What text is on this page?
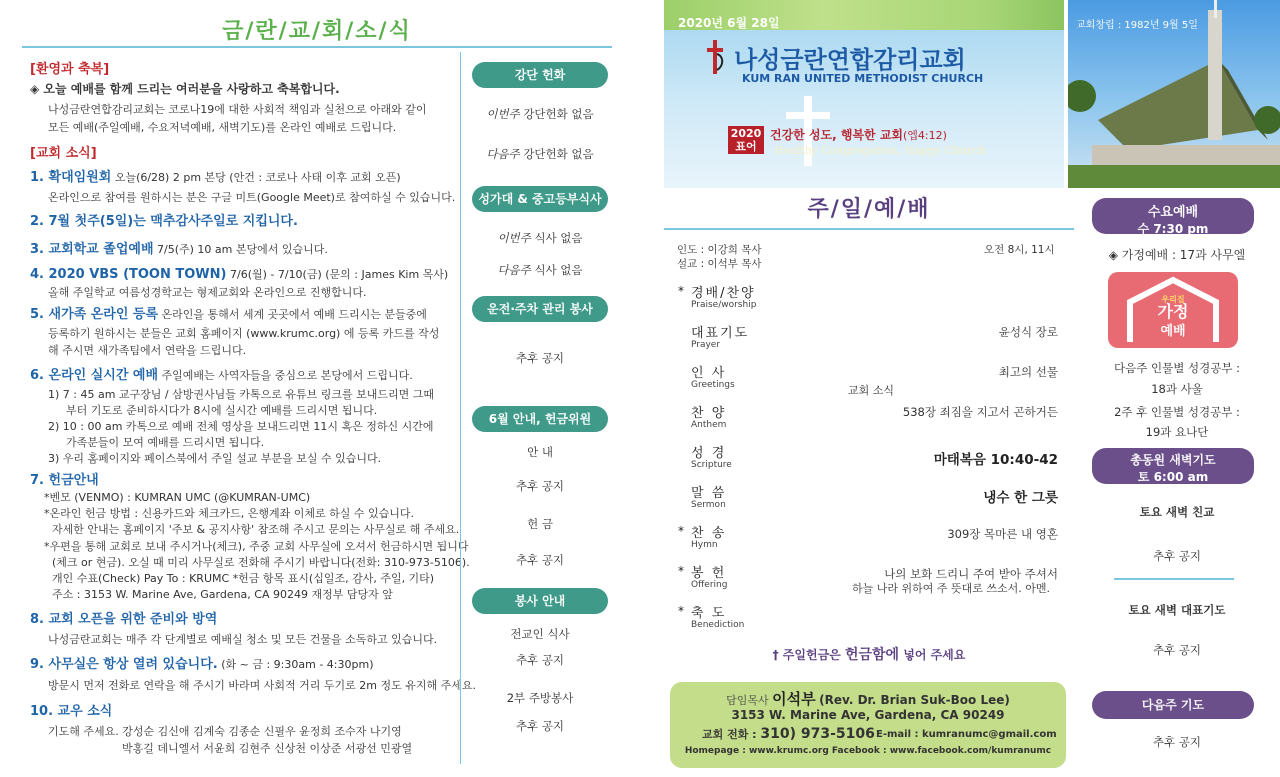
금/란/교/회/소/식
[환영과 축복]
◈ 오늘 예배를 함께 드리는 여러분을 사랑하고 축복합니다.
나성금란연합감리교회는 코로나19에 대한 사회적 책임과 실천으로 아래와 같이
모든 예배(주일예배, 수요저녁예배, 새벽기도)를 온라인 예배로 드립니다.
[교회 소식]
1. 확대임원회 오늘(6/28) 2 pm 본당 (안건 : 코로나 사태 이후 교회 오픈)
온라인으로 참여를 원하시는 분은 구글 미트(Google Meet)로 참여하실 수 있습니다.
2. 7월 첫주(5일)는 맥추감사주일로 지킵니다.
3. 교회학교 졸업예배 7/5(주) 10 am 본당에서 있습니다.
4. 2020 VBS (TOON TOWN) 7/6(월) - 7/10(금) (문의 : James Kim 목사)
올해 주일학교 여름성경학교는 형제교회와 온라인으로 진행합니다.
5. 새가족 온라인 등록 온라인을 통해서 세계 곳곳에서 예배 드리시는 분들중에
등록하기 원하시는 분들은 교회 홈페이지 (www.krumc.org) 에 등록 카드를 작성
해 주시면 새가족팀에서 연락을 드립니다.
6. 온라인 실시간 예배 주일예배는 사역자들을 중심으로 본당에서 드립니다.
1) 7 : 45 am 교구장님 / 삼방권사님들 카톡으로 유튜브 링크를 보내드리면 그때
부터 기도로 준비하시다가 8시에 실시간 예배를 드리시면 됩니다.
2) 10 : 00 am 카톡으로 예배 전체 영상을 보내드리면 11시 혹은 정하신 시간에
가족분들이 모여 예배를 드리시면 됩니다.
3) 우리 홈페이지와 페이스북에서 주일 설교 부분을 보실 수 있습니다.
7. 헌금안내
*벤모 (VENMO) : KUMRAN UMC (@KUMRAN-UMC)
*온라인 헌금 방법 : 신용카드와 체크카드, 은행계좌 이체로 하실 수 있습니다.
자세한 안내는 홈페이지 '주보 & 공지사항' 참조해 주시고 문의는 사무실로 해 주세요.
*우편을 통해 교회로 보내 주시거나(체크), 주중 교회 사무실에 오셔서 헌금하시면 됩니다
(체크 or 현금). 오실 때 미리 사무실로 전화해 주시기 바랍니다(전화: 310-973-5106).
개인 수표(Check) Pay To : KRUMC *헌금 항목 표시(십일조, 감사, 주일, 기타)
주소 : 3153 W. Marine Ave, Gardena, CA 90249 재정부 담당자 앞
8. 교회 오픈을 위한 준비와 방역
나성금란교회는 매주 각 단계별로 예배실 청소 및 모든 건물을 소독하고 있습니다.
9. 사무실은 항상 열려 있습니다. (화 ~ 금 : 9:30am - 4:30pm)
방문시 먼저 전화로 연락을 해 주시기 바라며 사회적 거리 두기로 2m 정도 유지해 주세요.
10. 교우 소식
기도해 주세요. 강성순 김신애 김계숙 김종순 신필우 윤정희 조수자 나기영
박홍길 데니엘서 서윤희 김현주 신상천 이상준 서광선 민광열
강단 헌화
이번주 강단헌화 없음
다음주 강단헌화 없음
성가대 & 중고등부식사
이번주 식사 없음
다음주 식사 없음
운전·주차 관리 봉사
추후 공지
6월 안내, 헌금위원
안 내
추후 공지
헌 금
추후 공지
봉사 안내
전교인 식사
추후 공지
2부 주방봉사
추후 공지
2020년 6월 28일
나성금란연합감리교회
KUM RAN UNITED METHODIST CHURCH
2020
표어
건강한 성도, 행복한 교회(엡4:12)
Healthy Congregation, Happy Church
교회창립 : 1982년 9월 5일
주/일/예/배
인도 : 이강희 목사
설교 : 이석부 목사
오전 8시, 11시
* 경배/찬양
Praise/worship
대표기도
Prayer
윤성식 장로
인 사
Greetings
최고의 선물
찬 양
Anthem
538장 죄짐을 지고서 곤하거든
성 경
Scripture	마태복음 10:40-42
말 씀
Sermon	냉수 한 그릇
* 찬 송
Hymn
309장 목마른 내 영혼
* 봉 헌
Offering
나의 보화 드리니 주여 받아 주셔서
* 축 도
Benediction
교회 소식
하늘 나라 위하여 주 뜻대로 쓰소서. 아멘.
† 주일헌금은 헌금함에 넣어 주세요
담임목사 이석부 (Rev. Dr. Brian Suk-Boo Lee)
3153 W. Marine Ave, Gardena, CA 90249
교회 전화 : 310) 973-5106 E-mail : kumranumc@gmail.com
Homepage : www.krumc.org Facebook : www.facebook.com/kumranumc
수요예배
수 7:30 pm
◈ 가정예배 : 17과 사무엘
우리집
가정
예배
다음주 인물별 성경공부 :
18과 사울
2주 후 인물별 성경공부 :
19과 요나단
총동원 새벽기도
토 6:00 am
토요 새벽 친교
추후 공지
토요 새벽 대표기도
추후 공지
다음주 기도
추후 공지
